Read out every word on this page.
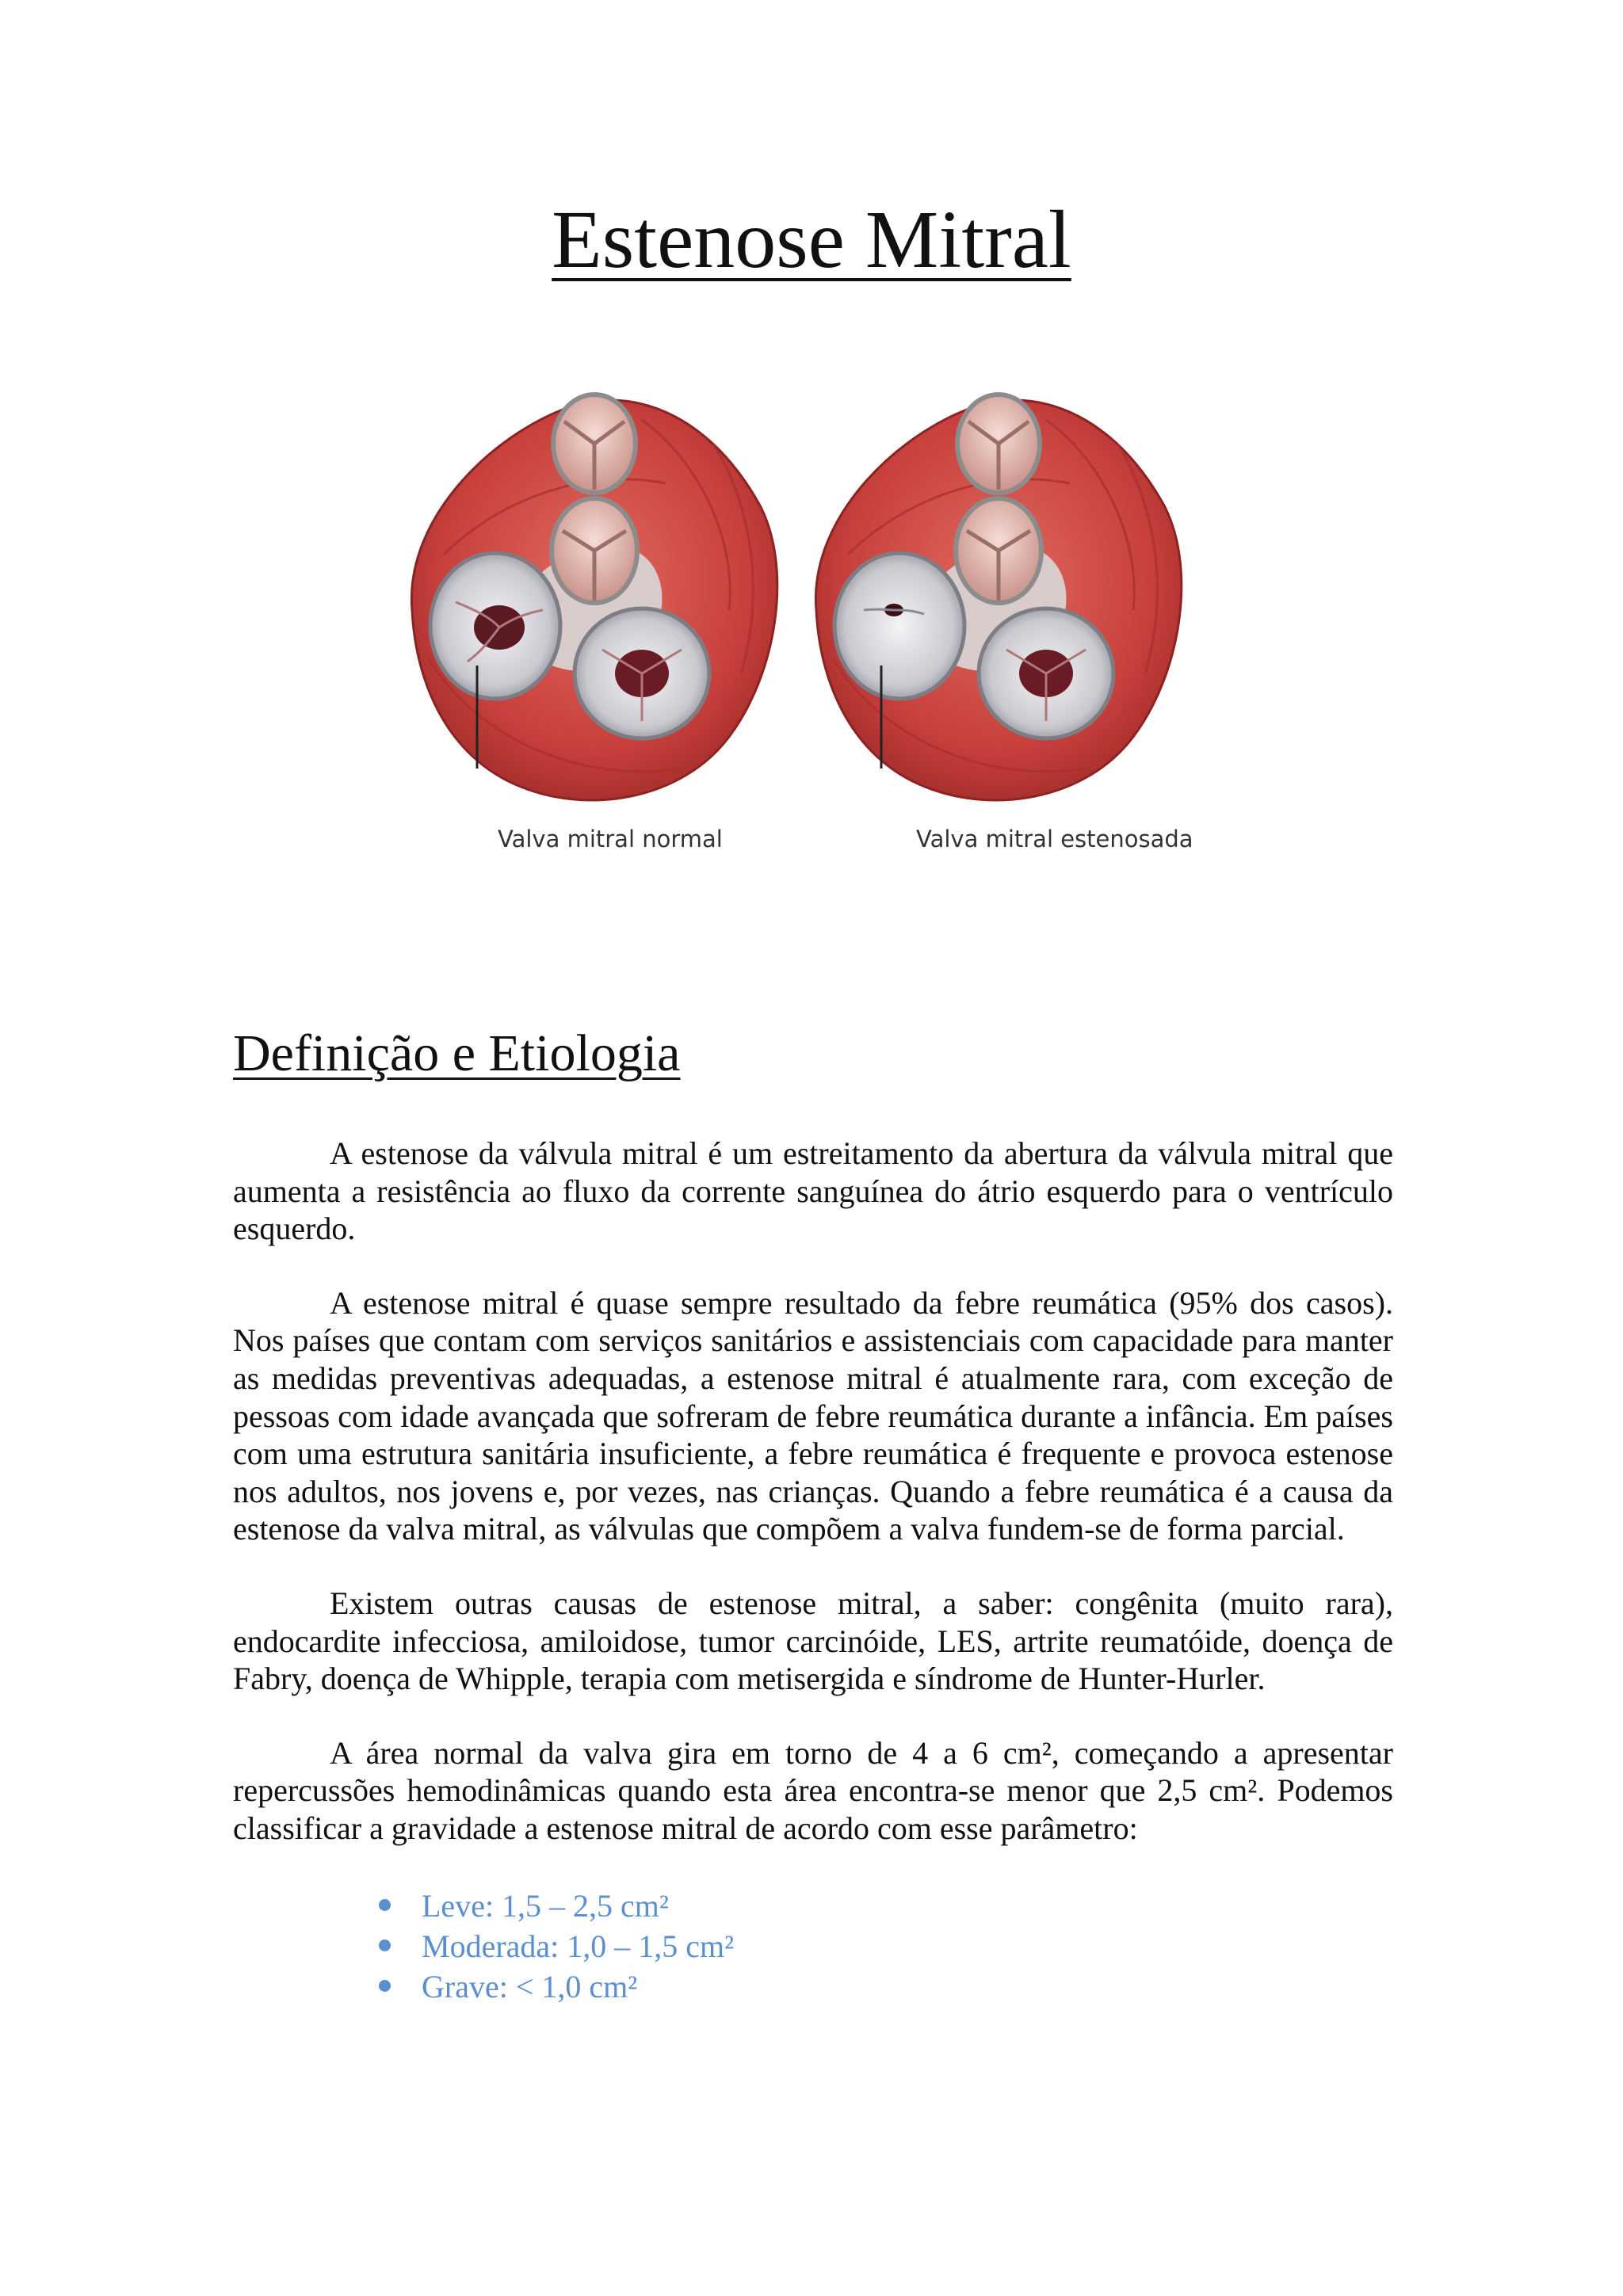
Estenose Mitral
Valva mitral normal	Valva mitral estenosada
Definição e Etiologia

A estenose da válvula mitral é um estreitamento da abertura da válvula mitral que aumenta a resistência ao fluxo da corrente sanguínea do átrio esquerdo para o ventrículo esquerdo.

A estenose mitral é quase sempre resultado da febre reumática (95% dos casos). Nos países que contam com serviços sanitários e assistenciais com capacidade para manter as medidas preventivas adequadas, a estenose mitral é atualmente rara, com exceção de pessoas com idade avançada que sofreram de febre reumática durante a infância. Em países com uma estrutura sanitária insuficiente, a febre reumática é frequente e provoca estenose nos adultos, nos jovens e, por vezes, nas crianças. Quando a febre reumática é a causa da estenose da valva mitral, as válvulas que compõem a valva fundem-se de forma parcial.

Existem outras causas de estenose mitral, a saber: congênita (muito rara), endocardite infecciosa, amiloidose, tumor carcinóide, LES, artrite reumatóide, doença de Fabry, doença de Whipple, terapia com metisergida e síndrome de Hunter-Hurler.

A área normal da valva gira em torno de 4 a 6 cm², começando a apresentar repercussões hemodinâmicas quando esta área encontra-se menor que 2,5 cm². Podemos classificar a gravidade a estenose mitral de acordo com esse parâmetro:

Leve: 1,5 – 2,5 cm²
Moderada: 1,0 – 1,5 cm²
Grave: < 1,0 cm²
